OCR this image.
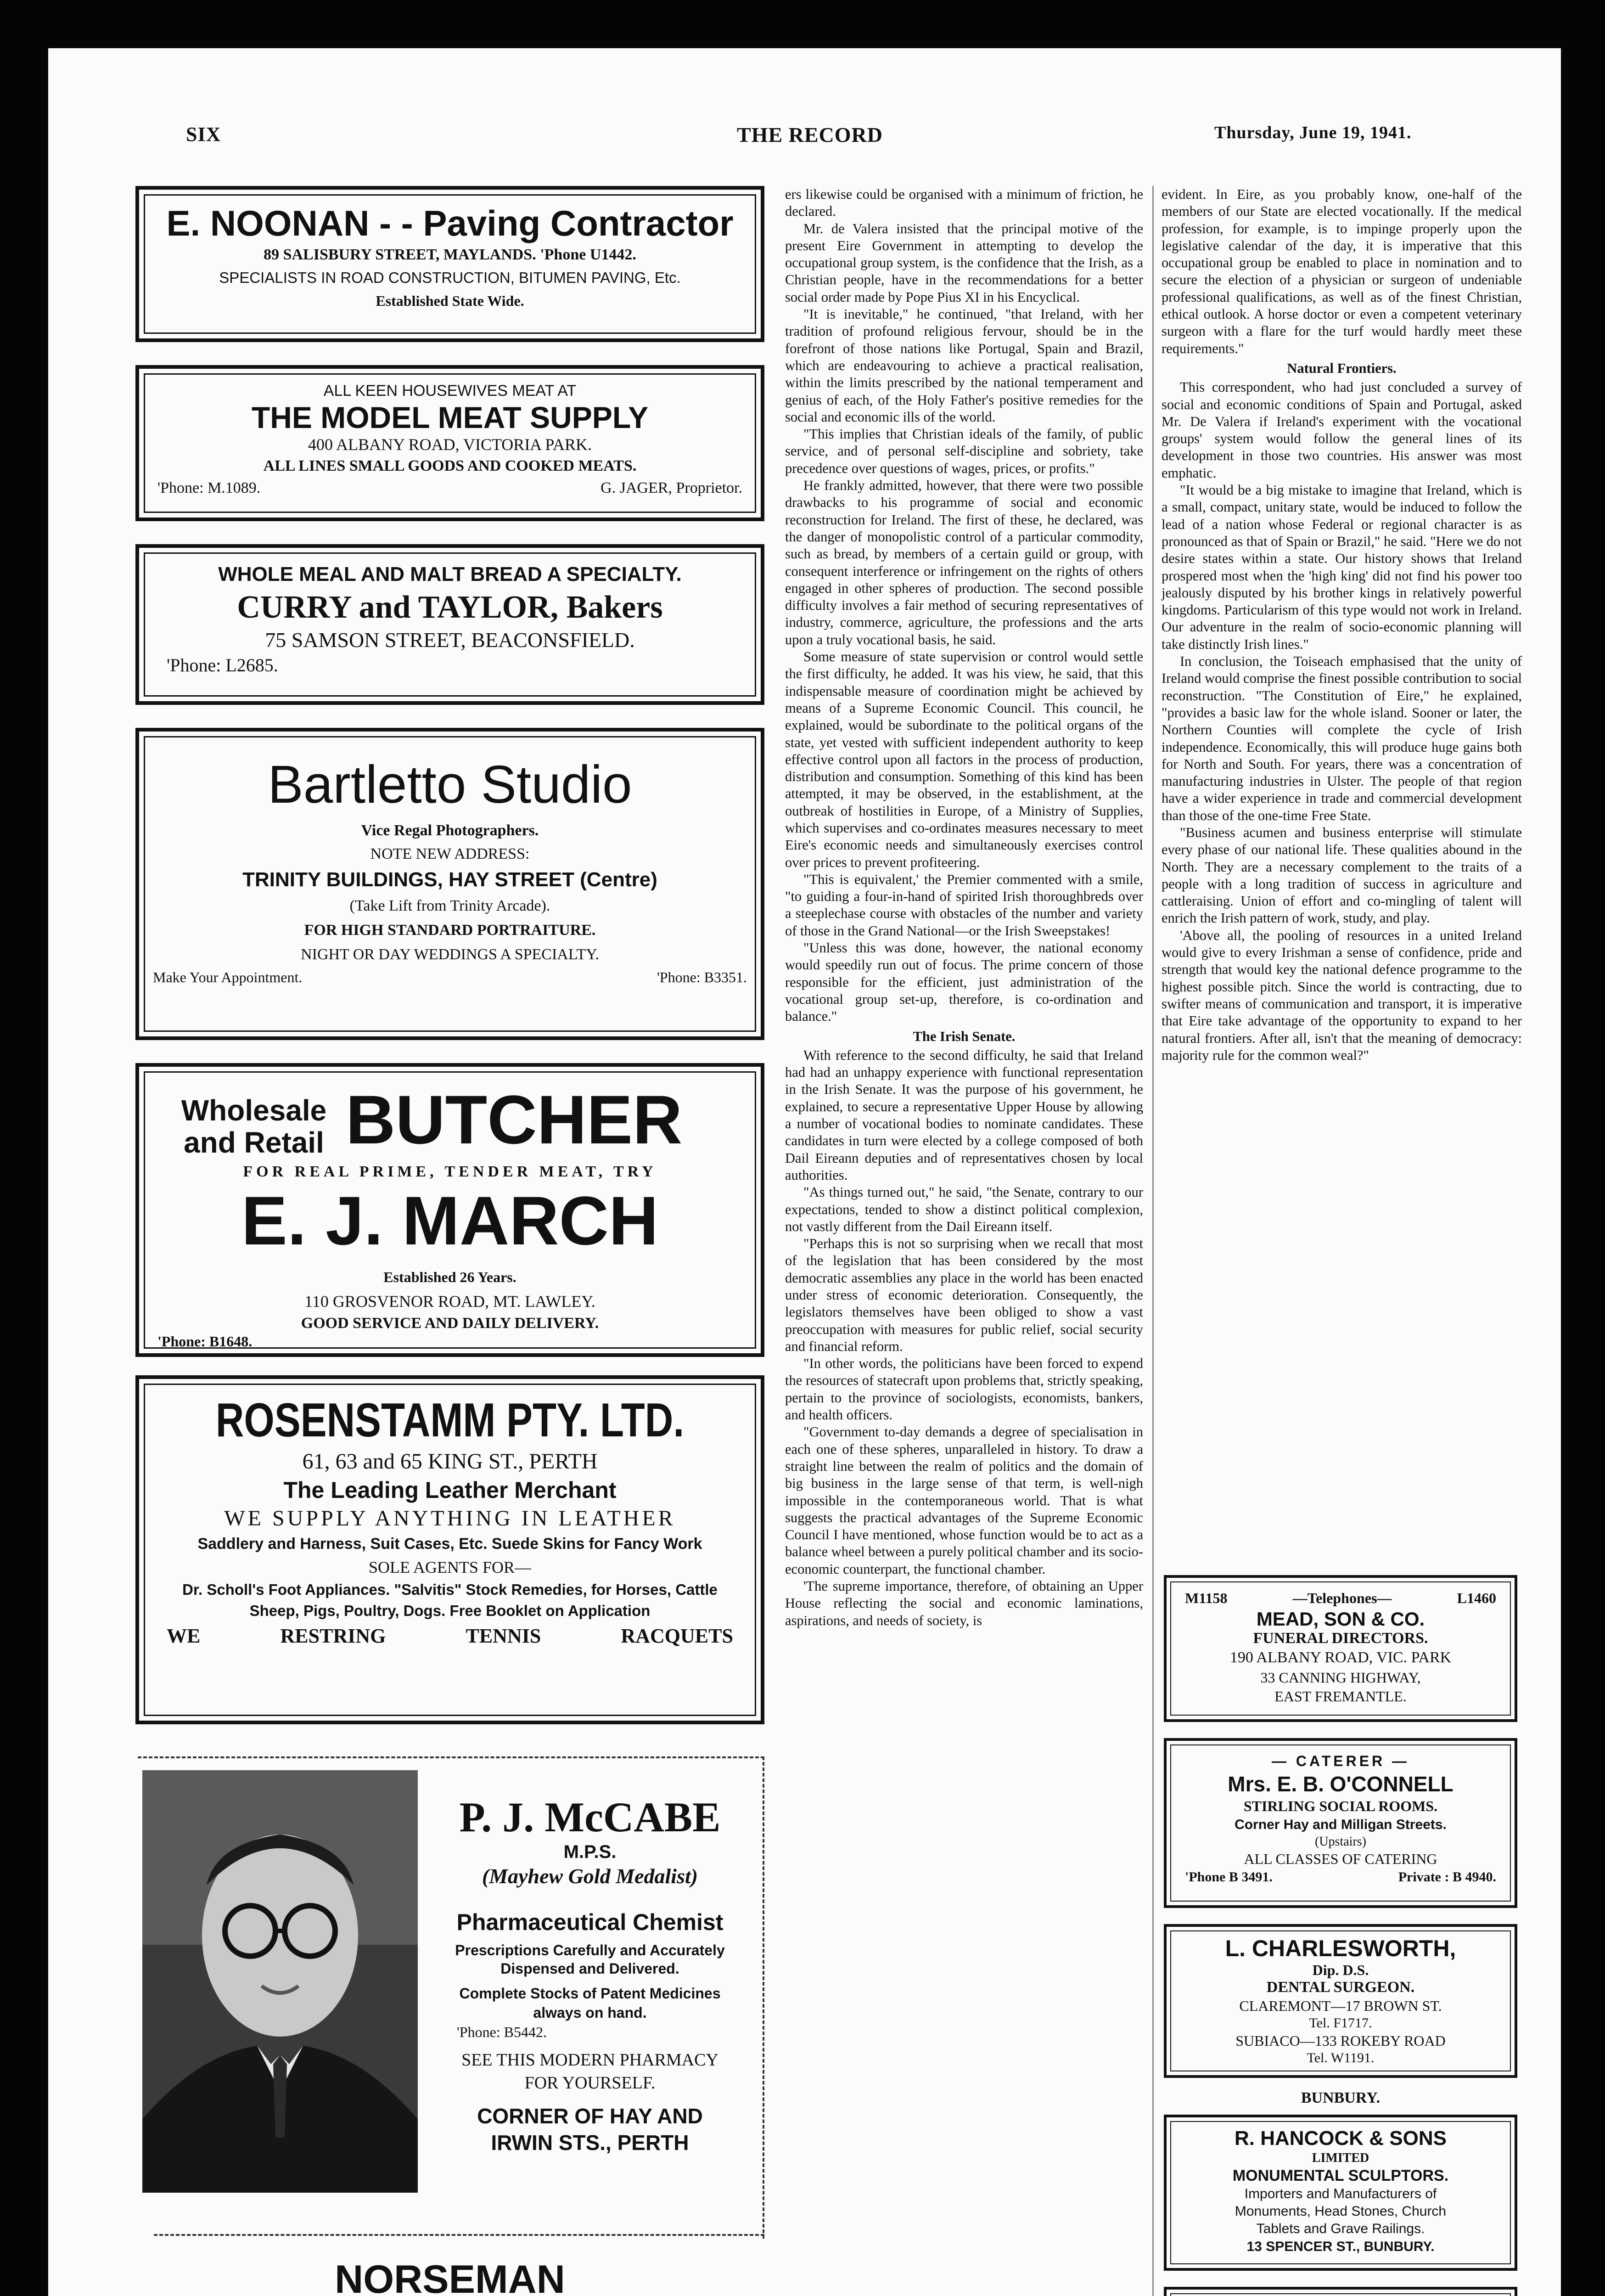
SIX	THE RECORD	Thursday, June 19, 1941.
E. NOONAN - - Paving Contractor
89 SALISBURY STREET, MAYLANDS. 'Phone U1442.
SPECIALISTS IN ROAD CONSTRUCTION, BITUMEN PAVING, Etc.
Established State Wide.
ALL KEEN HOUSEWIVES MEAT AT
THE MODEL MEAT SUPPLY
400 ALBANY ROAD, VICTORIA PARK.
ALL LINES SMALL GOODS AND COOKED MEATS.
'Phone: M.1089.	G. JAGER, Proprietor.
WHOLE MEAL AND MALT BREAD A SPECIALTY.
CURRY and TAYLOR, Bakers
75 SAMSON STREET, BEACONSFIELD.
'Phone: L2685.
Bartletto Studio
Vice Regal Photographers.
NOTE NEW ADDRESS:
TRINITY BUILDINGS, HAY STREET (Centre)
(Take Lift from Trinity Arcade).
FOR HIGH STANDARD PORTRAITURE.
NIGHT OR DAY WEDDINGS A SPECIALTY.
Make Your Appointment.	'Phone: B3351.
Wholesale
and Retail BUTCHER
FOR REAL PRIME, TENDER MEAT, TRY
E. J. MARCH
Established 26 Years.
110 GROSVENOR ROAD, MT. LAWLEY.
GOOD SERVICE AND DAILY DELIVERY.
'Phone: B1648.
ROSENSTAMM PTY. LTD.
61, 63 and 65 KING ST., PERTH
The Leading Leather Merchant
WE SUPPLY ANYTHING IN LEATHER
Saddlery and Harness, Suit Cases, Etc. Suede Skins for Fancy Work
SOLE AGENTS FOR—
Dr. Scholl's Foot Appliances. "Salvitis" Stock Remedies, for Horses, Cattle
Sheep, Pigs, Poultry, Dogs. Free Booklet on Application
WE	RESTRING	TENNIS	RACQUETS
P. J. McCABE
M.P.S.
(Mayhew Gold Medalist)
Pharmaceutical Chemist
Prescriptions Carefully and Accurately
Dispensed and Delivered.
Complete Stocks of Patent Medicines
always on hand.
'Phone: B5442.
SEE THIS MODERN PHARMACY
FOR YOURSELF.
CORNER OF HAY AND
IRWIN STS., PERTH
NORSEMAN

ers likewise could be organised with a minimum of friction, he declared.

Mr. de Valera insisted that the principal motive of the present Eire Government in attempting to develop the occupational group system, is the confidence that the Irish, as a Christian people, have in the recommendations for a better social order made by Pope Pius XI in his Encyclical.

"It is inevitable," he continued, "that Ireland, with her tradition of profound religious fervour, should be in the forefront of those nations like Portugal, Spain and Brazil, which are endeavouring to achieve a practical realisation, within the limits prescribed by the national temperament and genius of each, of the Holy Father's positive remedies for the social and economic ills of the world.

"This implies that Christian ideals of the family, of public service, and of personal self-discipline and sobriety, take precedence over questions of wages, prices, or profits."

He frankly admitted, however, that there were two possible drawbacks to his programme of social and economic reconstruction for Ireland. The first of these, he declared, was the danger of monopolistic control of a particular commodity, such as bread, by members of a certain guild or group, with consequent interference or infringement on the rights of others engaged in other spheres of production. The second possible difficulty involves a fair method of securing representatives of industry, commerce, agriculture, the professions and the arts upon a truly vocational basis, he said.

Some measure of state supervision or control would settle the first difficulty, he added. It was his view, he said, that this indispensable measure of coordination might be achieved by means of a Supreme Economic Council. This council, he explained, would be subordinate to the political organs of the state, yet vested with sufficient independent authority to keep effective control upon all factors in the process of production, distribution and consumption. Something of this kind has been attempted, it may be observed, in the establishment, at the outbreak of hostilities in Europe, of a Ministry of Supplies, which supervises and co-ordinates measures necessary to meet Eire's economic needs and simultaneously exercises control over prices to prevent profiteering.

"This is equivalent,' the Premier commented with a smile, "to guiding a four-in-hand of spirited Irish thoroughbreds over a steeplechase course with obstacles of the number and variety of those in the Grand National—or the Irish Sweepstakes!

"Unless this was done, however, the national economy would speedily run out of focus. The prime concern of those responsible for the efficient, just administration of the vocational group set-up, therefore, is co-ordination and balance."

The Irish Senate.

With reference to the second difficulty, he said that Ireland had had an unhappy experience with functional representation in the Irish Senate. It was the purpose of his government, he explained, to secure a representative Upper House by allowing a number of vocational bodies to nominate candidates. These candidates in turn were elected by a college composed of both Dail Eireann deputies and of representatives chosen by local authorities.

"As things turned out," he said, "the Senate, contrary to our expectations, tended to show a distinct political complexion, not vastly different from the Dail Eireann itself.

"Perhaps this is not so surprising when we recall that most of the legislation that has been considered by the most democratic assemblies any place in the world has been enacted under stress of economic deterioration. Consequently, the legislators themselves have been obliged to show a vast preoccupation with measures for public relief, social security and financial reform.

"In other words, the politicians have been forced to expend the resources of statecraft upon problems that, strictly speaking, pertain to the province of sociologists, economists, bankers, and health officers.

"Government to-day demands a degree of specialisation in each one of these spheres, unparalleled in history. To draw a straight line between the realm of politics and the domain of big business in the large sense of that term, is well-nigh impossible in the contemporaneous world. That is what suggests the practical advantages of the Supreme Economic Council I have mentioned, whose function would be to act as a balance wheel between a purely political chamber and its socio-economic counterpart, the functional chamber.

'The supreme importance, therefore, of obtaining an Upper House reflecting the social and economic laminations, aspirations, and needs of society, is

evident. In Eire, as you probably know, one-half of the members of our State are elected vocationally. If the medical profession, for example, is to impinge properly upon the legislative calendar of the day, it is imperative that this occupational group be enabled to place in nomination and to secure the election of a physician or surgeon of undeniable professional qualifications, as well as of the finest Christian, ethical outlook. A horse doctor or even a competent veterinary surgeon with a flare for the turf would hardly meet these requirements."

Natural Frontiers.

This correspondent, who had just concluded a survey of social and economic conditions of Spain and Portugal, asked Mr. De Valera if Ireland's experiment with the vocational groups' system would follow the general lines of its development in those two countries. His answer was most emphatic.

"It would be a big mistake to imagine that Ireland, which is a small, compact, unitary state, would be induced to follow the lead of a nation whose Federal or regional character is as pronounced as that of Spain or Brazil," he said. "Here we do not desire states within a state. Our history shows that Ireland prospered most when the 'high king' did not find his power too jealously disputed by his brother kings in relatively powerful kingdoms. Particularism of this type would not work in Ireland. Our adventure in the realm of socio-economic planning will take distinctly Irish lines."

In conclusion, the Toiseach emphasised that the unity of Ireland would comprise the finest possible contribution to social reconstruction. "The Constitution of Eire," he explained, "provides a basic law for the whole island. Sooner or later, the Northern Counties will complete the cycle of Irish independence. Economically, this will produce huge gains both for North and South. For years, there was a concentration of manufacturing industries in Ulster. The people of that region have a wider experience in trade and commercial development than those of the one-time Free State.

"Business acumen and business enterprise will stimulate every phase of our national life. These qualities abound in the North. They are a necessary complement to the traits of a people with a long tradition of success in agriculture and cattleraising. Union of effort and co-mingling of talent will enrich the Irish pattern of work, study, and play.

'Above all, the pooling of resources in a united Ireland would give to every Irishman a sense of confidence, pride and strength that would key the national defence programme to the highest possible pitch. Since the world is contracting, due to swifter means of communication and transport, it is imperative that Eire take advantage of the opportunity to expand to her natural frontiers. After all, isn't that the meaning of democracy: majority rule for the common weal?"

M1158	—Telephones—	L1460
MEAD, SON & CO.
FUNERAL DIRECTORS.
190 ALBANY ROAD, VIC. PARK
33 CANNING HIGHWAY,
EAST FREMANTLE.
— CATERER —
Mrs. E. B. O'CONNELL
STIRLING SOCIAL ROOMS.
Corner Hay and Milligan Streets.
(Upstairs)
ALL CLASSES OF CATERING
'Phone B 3491.	Private : B 4940.
L. CHARLESWORTH,
Dip. D.S.
DENTAL SURGEON.
CLAREMONT—17 BROWN ST.
Tel. F1717.
SUBIACO—133 ROKEBY ROAD
Tel. W1191.
BUNBURY.
R. HANCOCK & SONS
LIMITED
MONUMENTAL SCULPTORS.
Importers and Manufacturers of
Monuments, Head Stones, Church
Tablets and Grave Railings.
13 SPENCER ST., BUNBURY.
